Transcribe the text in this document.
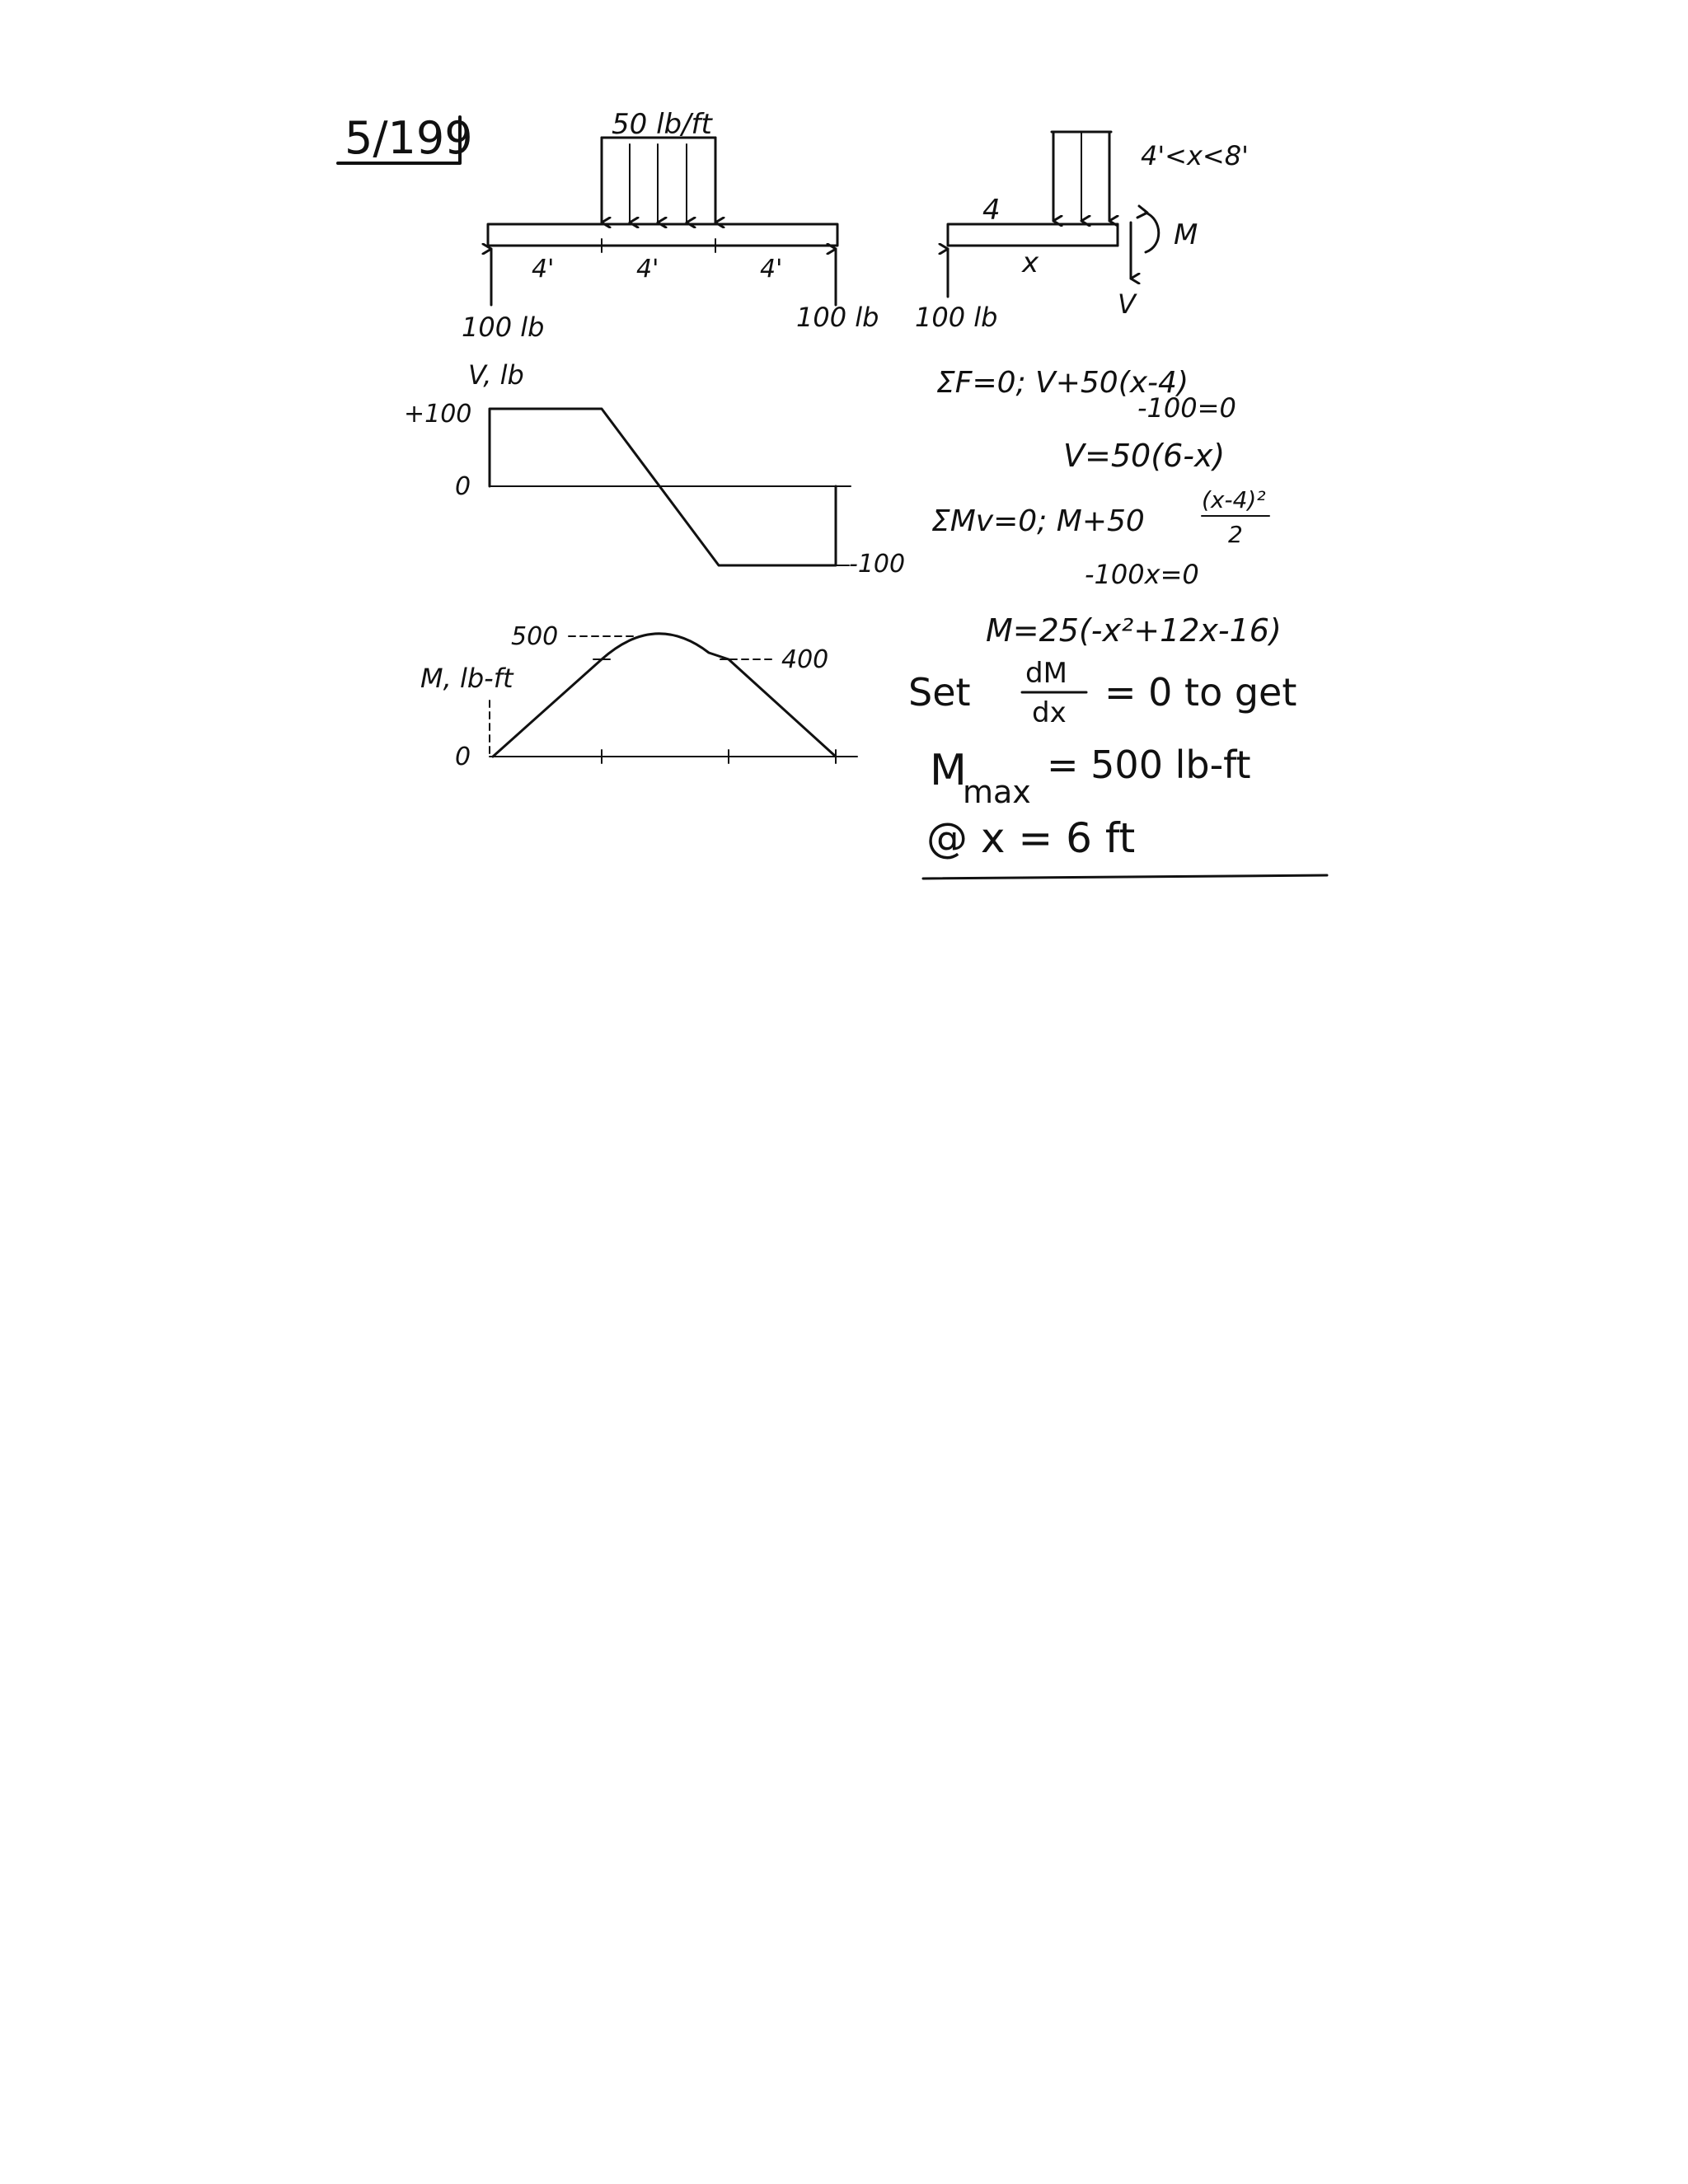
5/199	50 lb/ft
4'	4'	4'
100 lb	100 lb
4'<x<8'
4
M
V
x
100 lb
V, lb
+100
0
-100
M, lb-ft
0
500
400
ΣF=0; V+50(x-4)
-100=0
V=50(6-x)
ΣMv=0; M+50
(x-4)²
2
-100x=0
M=25(-x²+12x-16)
Set dM
dx = 0 to get
M
max
= 500 lb-ft
@ x = 6 ft
